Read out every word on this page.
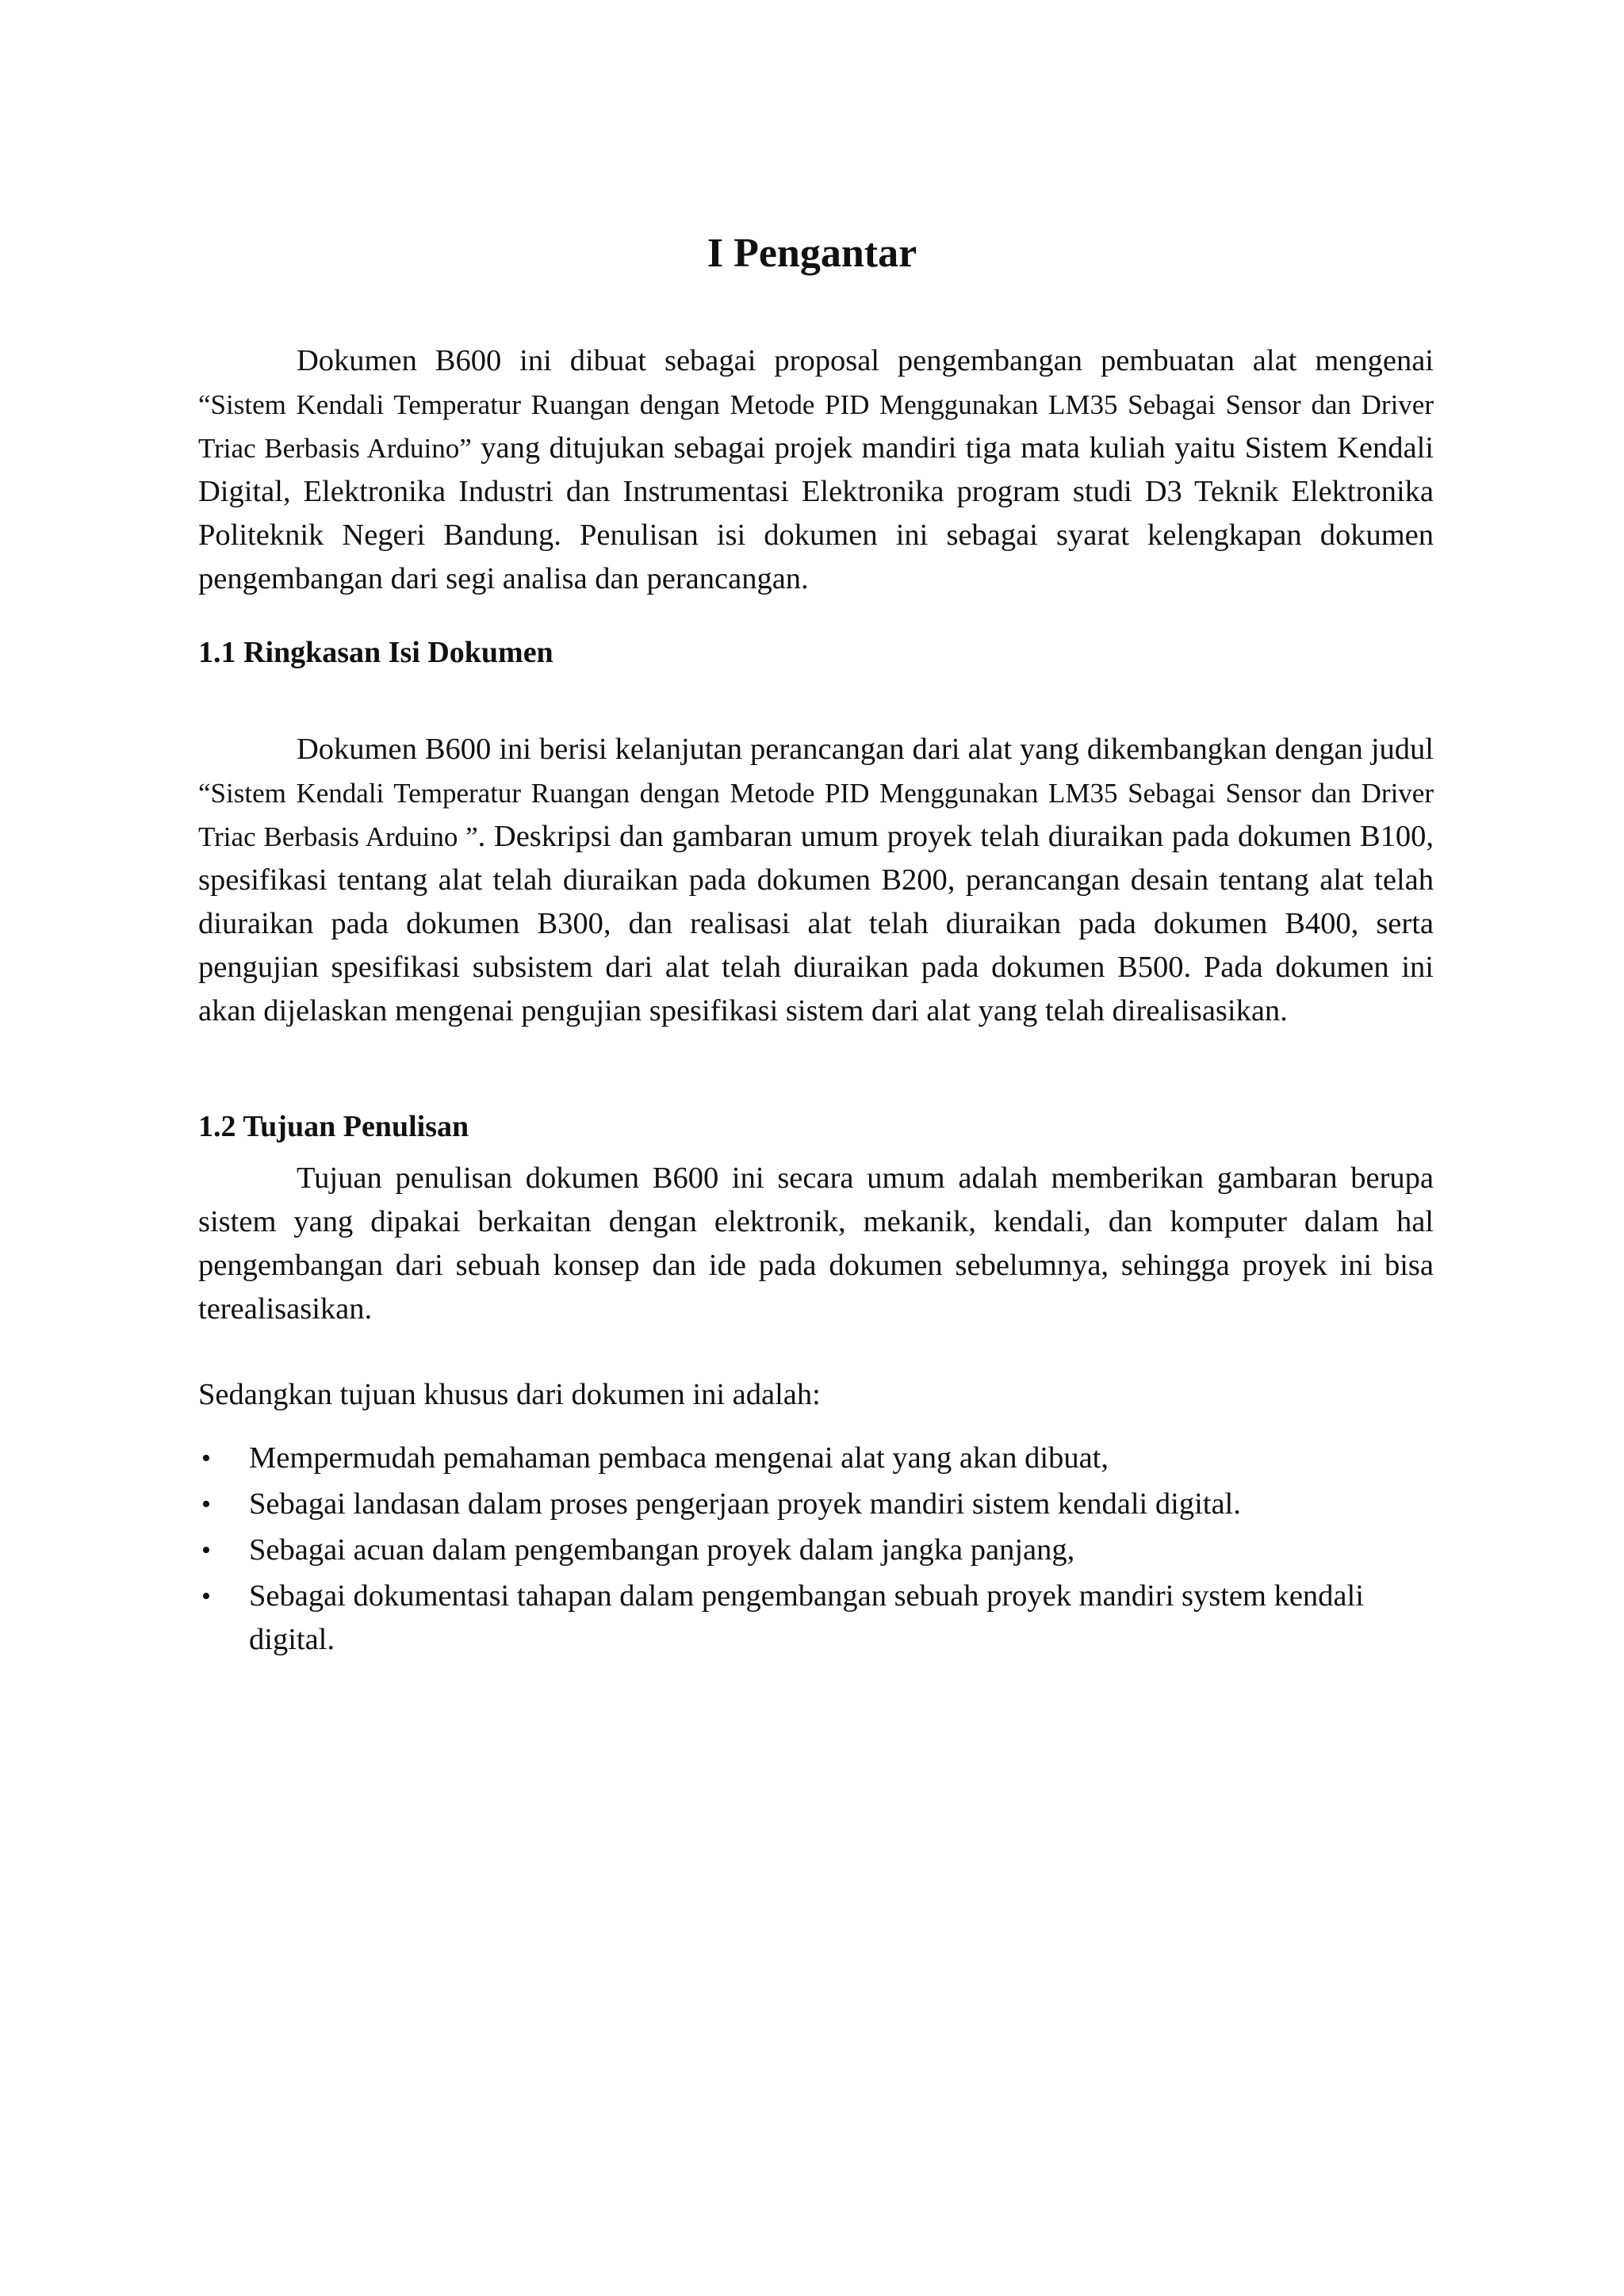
I Pengantar

Dokumen B600 ini dibuat sebagai proposal pengembangan pembuatan alat mengenai “Sistem Kendali Temperatur Ruangan dengan Metode PID Menggunakan LM35 Sebagai Sensor dan Driver Triac Berbasis Arduino” yang ditujukan sebagai projek mandiri tiga mata kuliah yaitu Sistem Kendali Digital, Elektronika Industri dan Instrumentasi Elektronika program studi D3 Teknik Elektronika Politeknik Negeri Bandung. Penulisan isi dokumen ini sebagai syarat kelengkapan dokumen pengembangan dari segi analisa dan perancangan.

1.1 Ringkasan Isi Dokumen

Dokumen B600 ini berisi kelanjutan perancangan dari alat yang dikembangkan dengan judul “Sistem Kendali Temperatur Ruangan dengan Metode PID Menggunakan LM35 Sebagai Sensor dan Driver Triac Berbasis Arduino ”. Deskripsi dan gambaran umum proyek telah diuraikan pada dokumen B100, spesifikasi tentang alat telah diuraikan pada dokumen B200, perancangan desain tentang alat telah diuraikan pada dokumen B300, dan realisasi alat telah diuraikan pada dokumen B400, serta pengujian spesifikasi subsistem dari alat telah diuraikan pada dokumen B500. Pada dokumen ini akan dijelaskan mengenai pengujian spesifikasi sistem dari alat yang telah direalisasikan.

1.2 Tujuan Penulisan

Tujuan penulisan dokumen B600 ini secara umum adalah memberikan gambaran berupa sistem yang dipakai berkaitan dengan elektronik, mekanik, kendali, dan komputer dalam hal pengembangan dari sebuah konsep dan ide pada dokumen sebelumnya, sehingga proyek ini bisa terealisasikan.

Sedangkan tujuan khusus dari dokumen ini adalah:

•	Mempermudah pemahaman pembaca mengenai alat yang akan dibuat,
•	Sebagai landasan dalam proses pengerjaan proyek mandiri sistem kendali digital.
•	Sebagai acuan dalam pengembangan proyek dalam jangka panjang,
•	Sebagai dokumentasi tahapan dalam pengembangan sebuah proyek mandiri system kendali digital.
